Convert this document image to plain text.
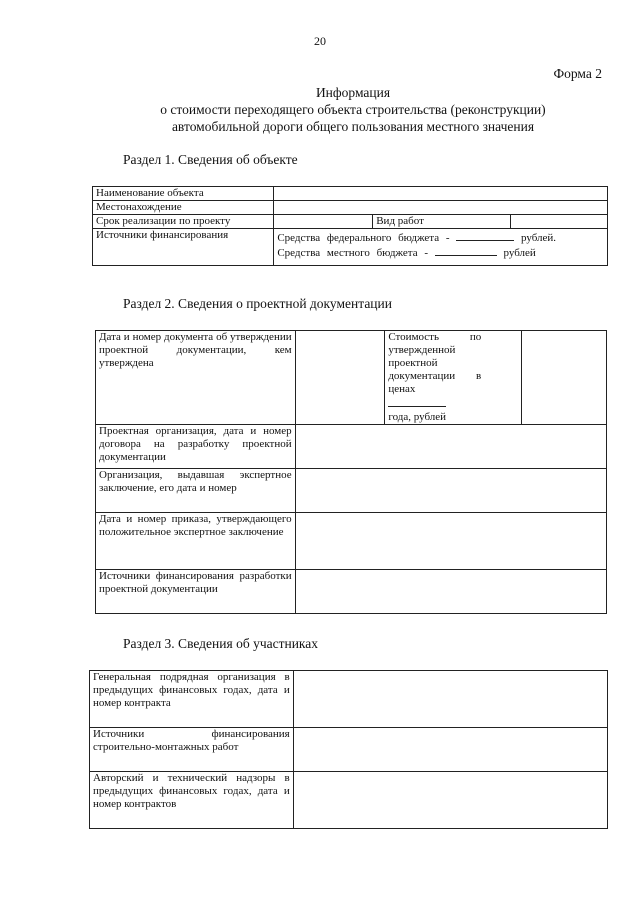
20
Форма 2
Информация
о стоимости переходящего объекта строительства (реконструкции)
автомобильной дороги общего пользования местного значения
Раздел 1. Сведения об объекте
Наименование объекта			
Местонахождение			
Срок реализации по проекту		Вид работ	
Источники финансирования	Средства федерального бюджета - рублей.
Средства местного бюджета - рублей		
Раздел 2. Сведения о проектной документации
Дата и номер документа об утверждении проектной документации, кем утверждена		Стоимость по утвержденной проектной документации в ценах

года, рублей	
Проектная организация, дата и номер договора на разработку проектной документации			
Организация, выдавшая экспертное заключение, его дата и номер			
Дата и номер приказа, утверждающего положительное экспертное заключение			
Источники финансирования разработки проектной документации			
Раздел 3. Сведения об участниках
Генеральная подрядная организация в предыдущих финансовых годах, дата и номер контракта	
Источники финансирования строительно-монтажных работ	
Авторский и технический надзоры в предыдущих финансовых годах, дата и номер контрактов	
